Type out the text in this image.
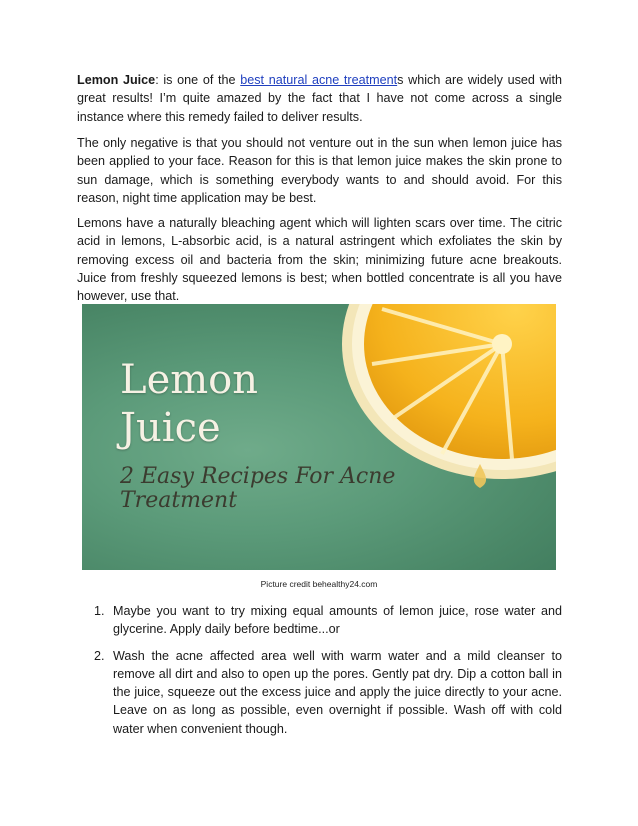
Lemon Juice: is one of the best natural acne treatments which are widely used with great results! I’m quite amazed by the fact that I have not come across a single instance where this remedy failed to deliver results.

The only negative is that you should not venture out in the sun when lemon juice has been applied to your face. Reason for this is that lemon juice makes the skin prone to sun damage, which is something everybody wants to and should avoid. For this reason, night time application may be best.

Lemons have a naturally bleaching agent which will lighten scars over time. The citric acid in lemons, L-absorbic acid, is a natural astringent which exfoliates the skin by removing excess oil and bacteria from the skin; minimizing future acne breakouts. Juice from freshly squeezed lemons is best; when bottled concentrate is all you have however, use that.

Lemon
Juice
2 Easy Recipes For Acne
Treatment
Picture credit behealthy24.com
1. Maybe you want to try mixing equal amounts of lemon juice, rose water and glycerine. Apply daily before bedtime...or

2. Wash the acne affected area well with warm water and a mild cleanser to remove all dirt and also to open up the pores. Gently pat dry. Dip a cotton ball in the juice, squeeze out the excess juice and apply the juice directly to your acne. Leave on as long as possible, even overnight if possible. Wash off with cold water when convenient though.
